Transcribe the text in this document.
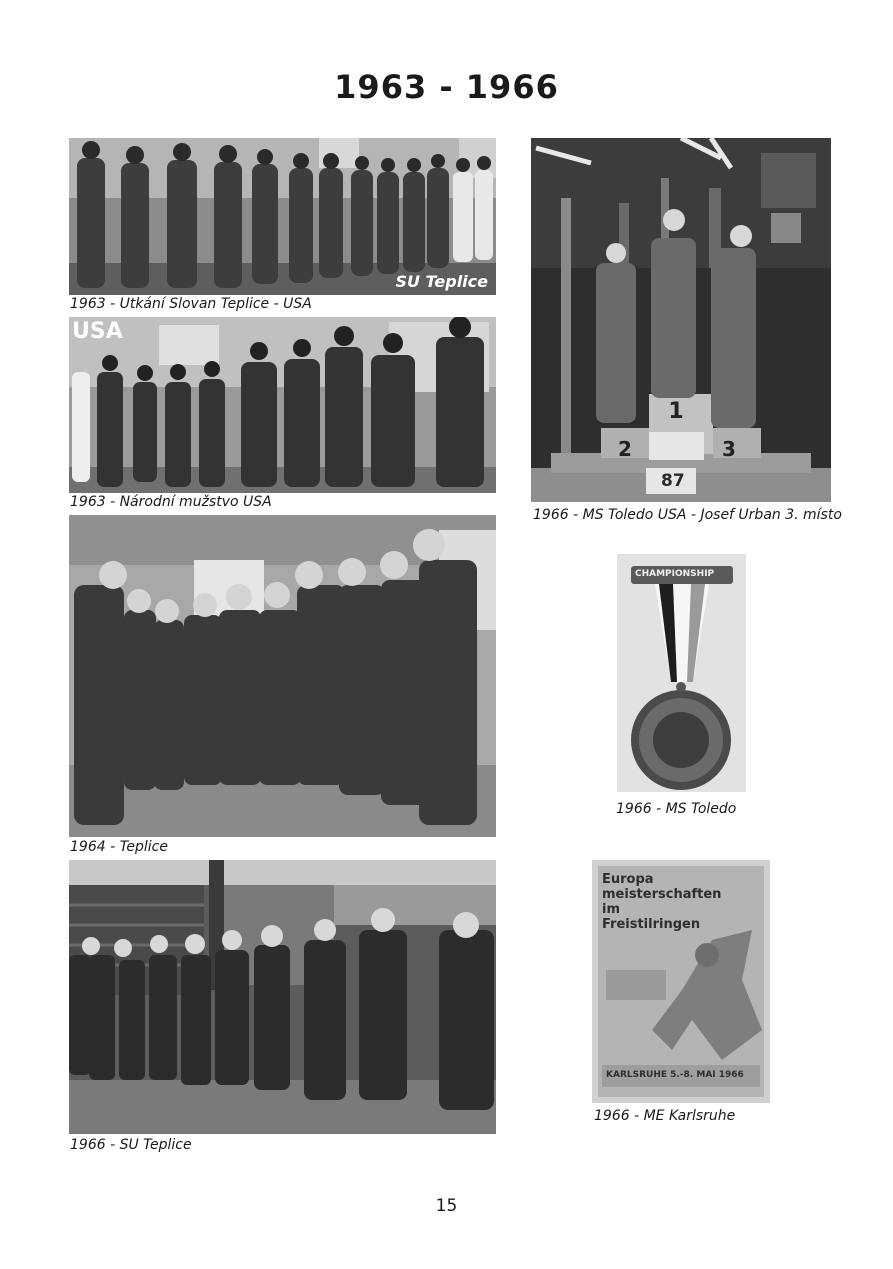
1963 - 1966
SU Teplice
1963 - Utkání Slovan Teplice - USA
USA
1963 - Národní mužstvo USA
1
2	3
87
1966 - MS Toledo USA - Josef Urban 3. místo
1964 - Teplice
CHAMPIONSHIP
1966 - MS Toledo
1966 - SU Teplice
Europa
meisterschaften
im
Freistilringen
KARLSRUHE 5.-8. MAI 1966
1966 - ME Karlsruhe
15
